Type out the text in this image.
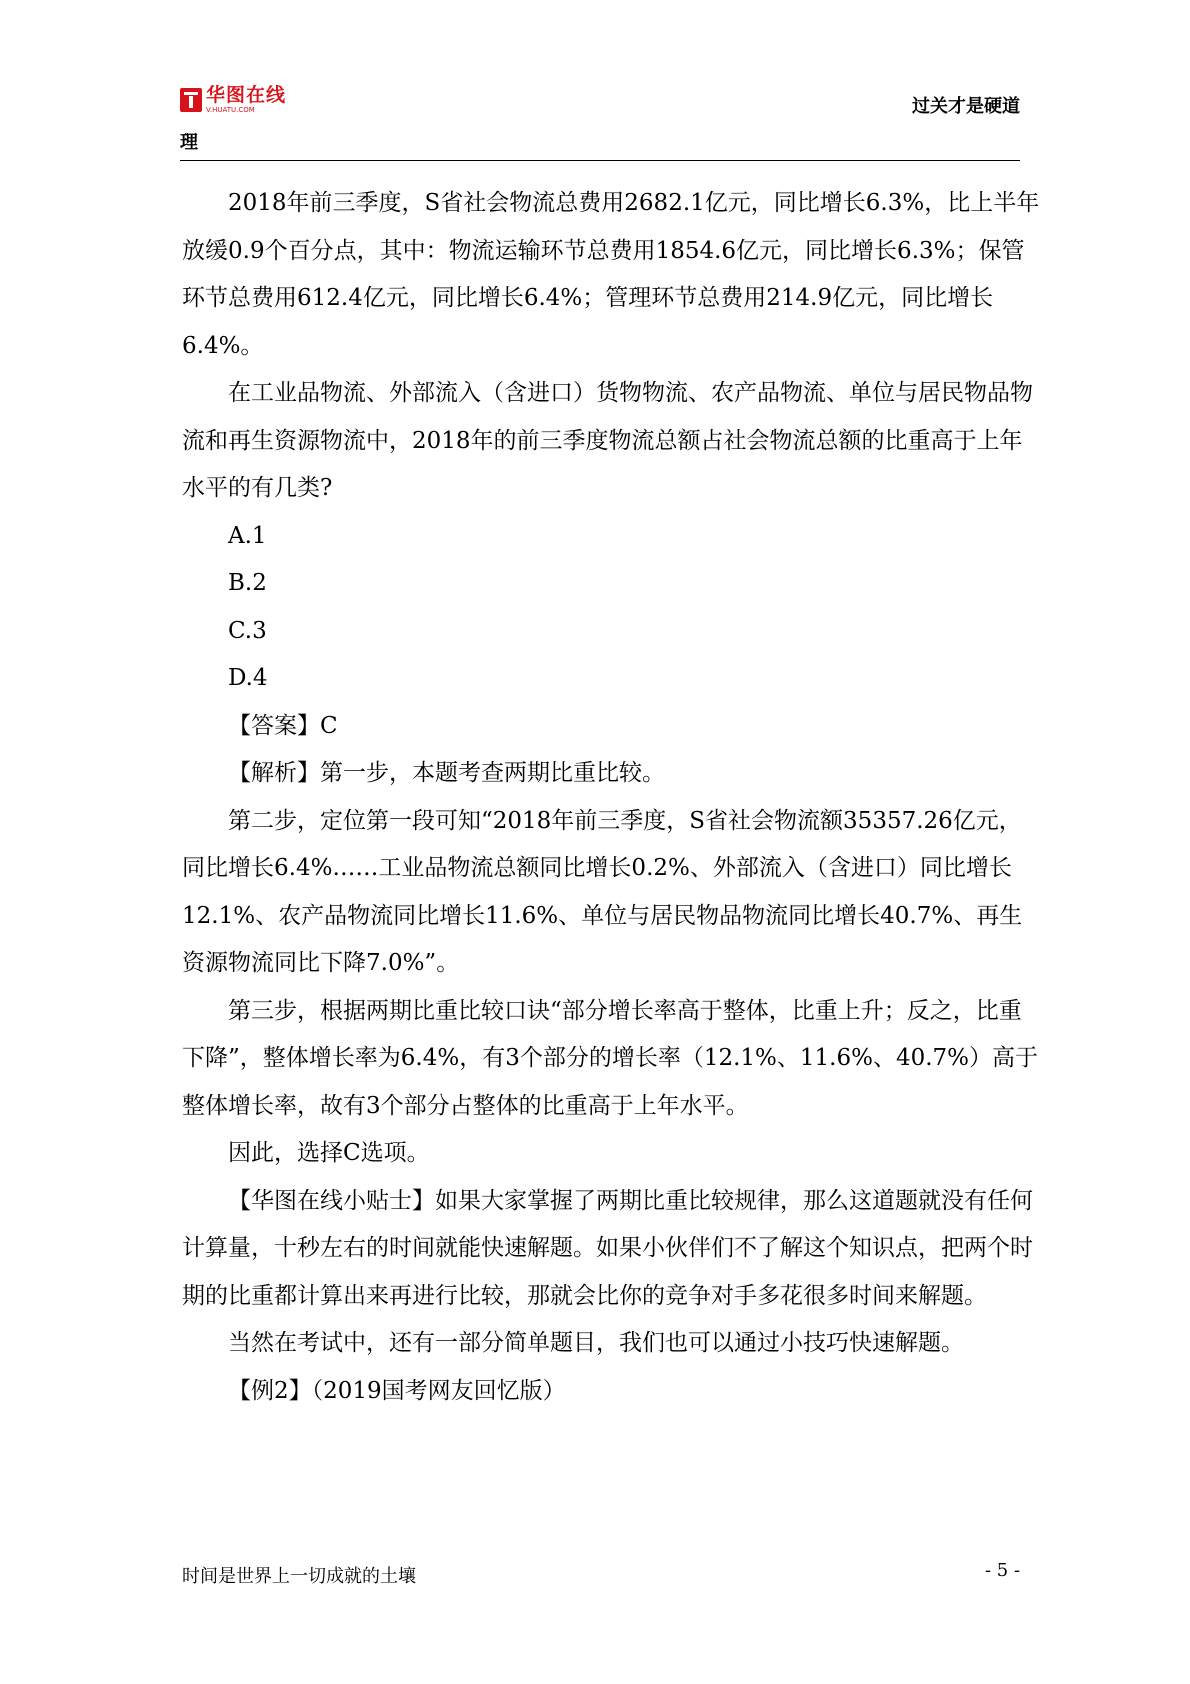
华图在线
V.HUATU.COM	过关才是硬道
理

2018年前三季度，S省社会物流总费用2682.1亿元，同比增长6.3%，比上半年放缓0.9个百分点，其中：物流运输环节总费用1854.6亿元，同比增长6.3%；保管环节总费用612.4亿元，同比增长6.4%；管理环节总费用214.9亿元，同比增长6.4%。

在工业品物流、外部流入（含进口）货物物流、农产品物流、单位与居民物品物流和再生资源物流中，2018年的前三季度物流总额占社会物流总额的比重高于上年水平的有几类?

A.1

B.2

C.3

D.4

【答案】C

【解析】第一步，本题考查两期比重比较。

第二步，定位第一段可知“2018年前三季度，S省社会物流额35357.26亿元，同比增长6.4%……工业品物流总额同比增长0.2%、外部流入（含进口）同比增长12.1%、农产品物流同比增长11.6%、单位与居民物品物流同比增长40.7%、再生资源物流同比下降7.0%”。

第三步，根据两期比重比较口诀“部分增长率高于整体，比重上升；反之，比重下降”，整体增长率为6.4%，有3个部分的增长率（12.1%、11.6%、40.7%）高于整体增长率，故有3个部分占整体的比重高于上年水平。

因此，选择C选项。

【华图在线小贴士】如果大家掌握了两期比重比较规律，那么这道题就没有任何计算量，十秒左右的时间就能快速解题。如果小伙伴们不了解这个知识点，把两个时期的比重都计算出来再进行比较，那就会比你的竞争对手多花很多时间来解题。

当然在考试中，还有一部分简单题目，我们也可以通过小技巧快速解题。

【例2】（2019国考网友回忆版）

时间是世界上一切成就的土壤	- 5 -
